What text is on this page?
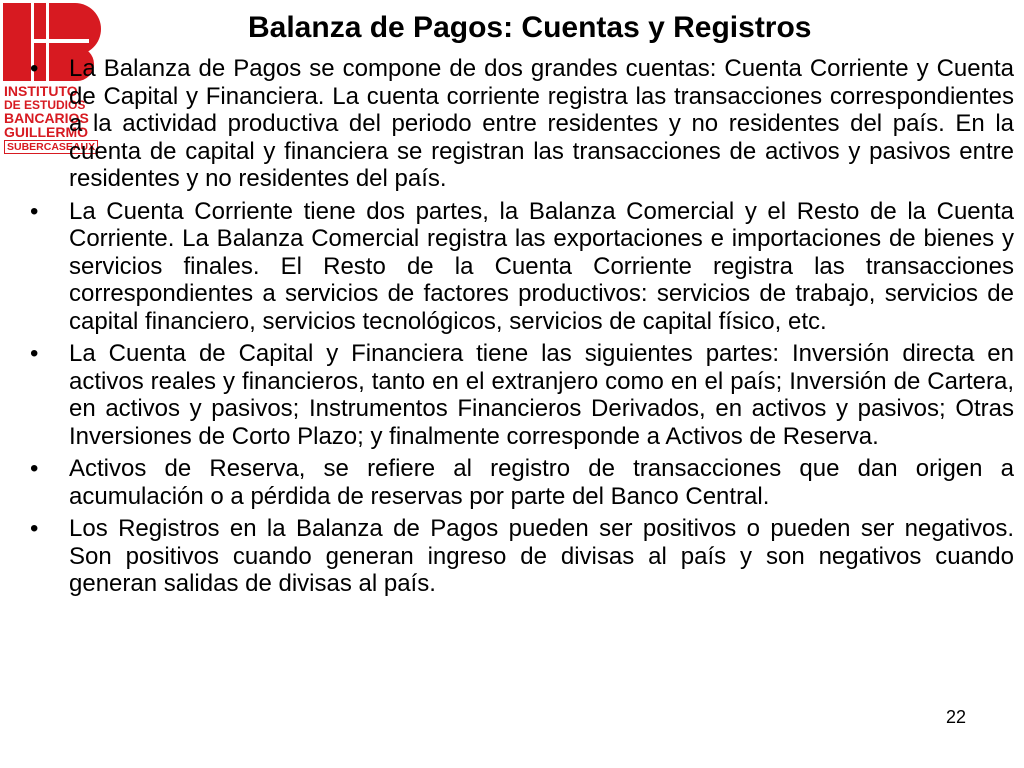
INSTITUTO
DE ESTUDIOS
BANCARIOS
GUILLERMO
SUBERCASEAUX
Balanza de Pagos: Cuentas y Registros
• La Balanza de Pagos se compone de dos grandes cuentas: Cuenta Corriente y Cuenta de Capital y Financiera. La cuenta corriente registra las transacciones correspondientes a la actividad productiva del periodo entre residentes y no residentes del país. En la cuenta de capital y financiera se registran las transacciones de activos y pasivos entre residentes y no residentes del país.
• La Cuenta Corriente tiene dos partes, la Balanza Comercial y el Resto de la Cuenta Corriente. La Balanza Comercial registra las exportaciones e importaciones de bienes y servicios finales. El Resto de la Cuenta Corriente registra las transacciones correspondientes a servicios de factores productivos: servicios de trabajo, servicios de capital financiero, servicios tecnológicos, servicios de capital físico, etc.
• La Cuenta de Capital y Financiera tiene las siguientes partes: Inversión directa en activos reales y financieros, tanto en el extranjero como en el país; Inversión de Cartera, en activos y pasivos; Instrumentos Financieros Derivados, en activos y pasivos; Otras Inversiones de Corto Plazo; y finalmente corresponde a Activos de Reserva.
• Activos de Reserva, se refiere al registro de transacciones que dan origen a acumulación o a pérdida de reservas por parte del Banco Central.
• Los Registros en la Balanza de Pagos pueden ser positivos o pueden ser negativos. Son positivos cuando generan ingreso de divisas al país y son negativos cuando generan salidas de divisas al país.
22
